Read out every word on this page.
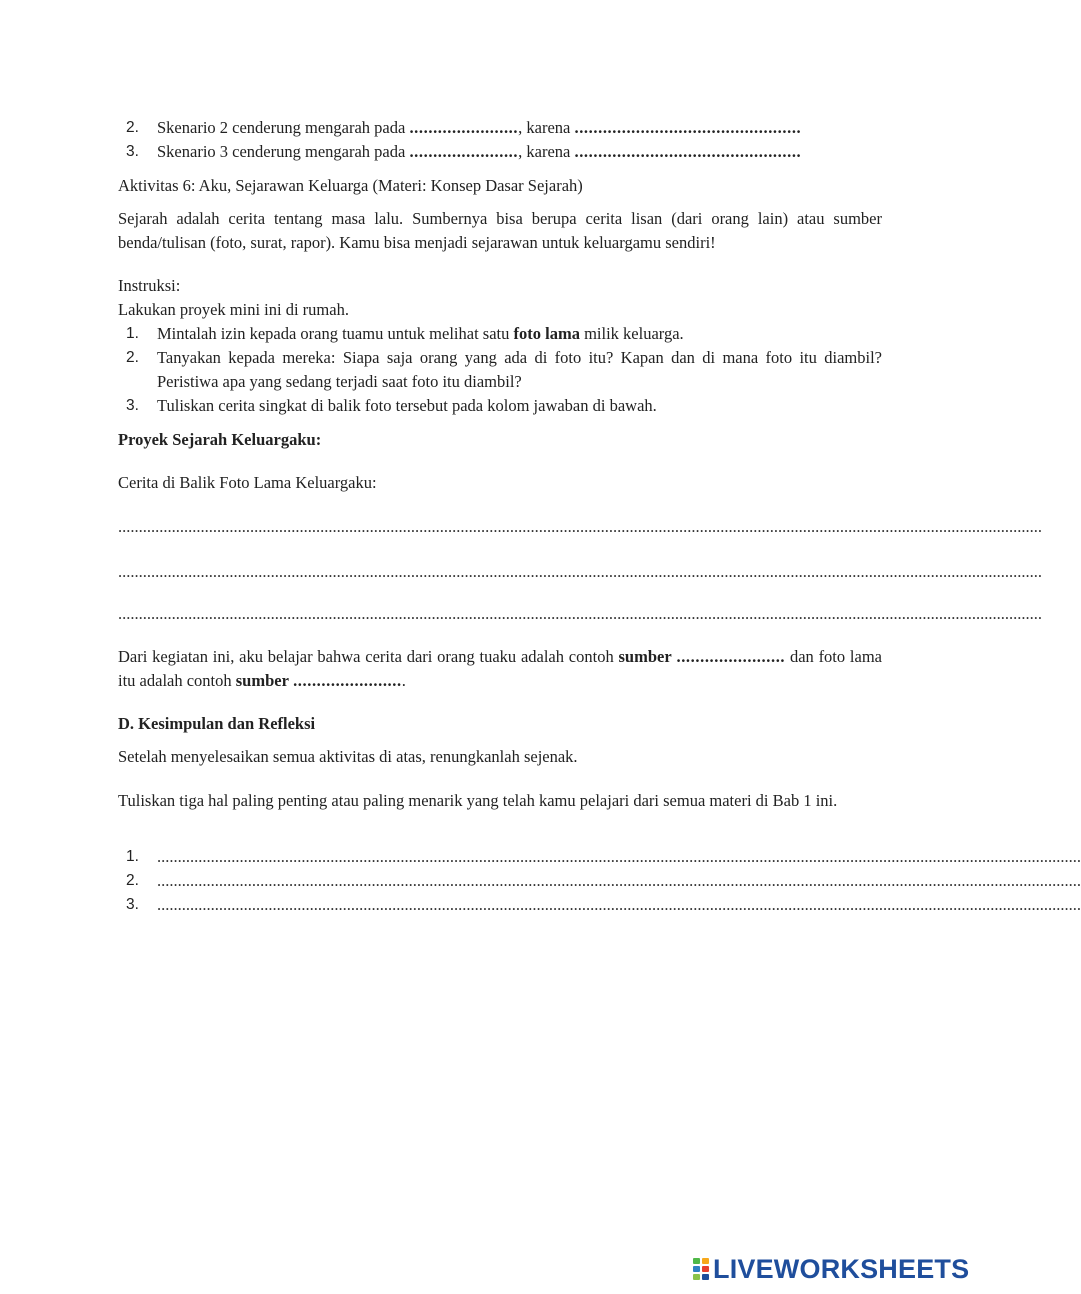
2. Skenario 2 cenderung mengarah pada ......................., karena ................................................
3. Skenario 3 cenderung mengarah pada ......................., karena ................................................
Aktivitas 6: Aku, Sejarawan Keluarga (Materi: Konsep Dasar Sejarah)
Sejarah adalah cerita tentang masa lalu. Sumbernya bisa berupa cerita lisan (dari orang lain) atau sumber benda/tulisan (foto, surat, rapor). Kamu bisa menjadi sejarawan untuk keluargamu sendiri!
Instruksi:
Lakukan proyek mini ini di rumah.
1. Mintalah izin kepada orang tuamu untuk melihat satu foto lama milik keluarga.
2. Tanyakan kepada mereka: Siapa saja orang yang ada di foto itu? Kapan dan di mana foto itu diambil? Peristiwa apa yang sedang terjadi saat foto itu diambil?
3. Tuliskan cerita singkat di balik foto tersebut pada kolom jawaban di bawah.
Proyek Sejarah Keluargaku:
Cerita di Balik Foto Lama Keluargaku:
................................................................................................................................................................................................................................
................................................................................................................................................................................................................................
................................................................................................................................................................................................................................
Dari kegiatan ini, aku belajar bahwa cerita dari orang tuaku adalah contoh sumber ....................... dan foto lama itu adalah contoh sumber ........................
D. Kesimpulan dan Refleksi
Setelah menyelesaikan semua aktivitas di atas, renungkanlah sejenak.
Tuliskan tiga hal paling penting atau paling menarik yang telah kamu pelajari dari semua materi di Bab 1 ini.
1. ................................................................................................................................................................................................................................
2. ................................................................................................................................................................................................................................
3. ................................................................................................................................................................................................................................
LIVEWORKSHEETS
